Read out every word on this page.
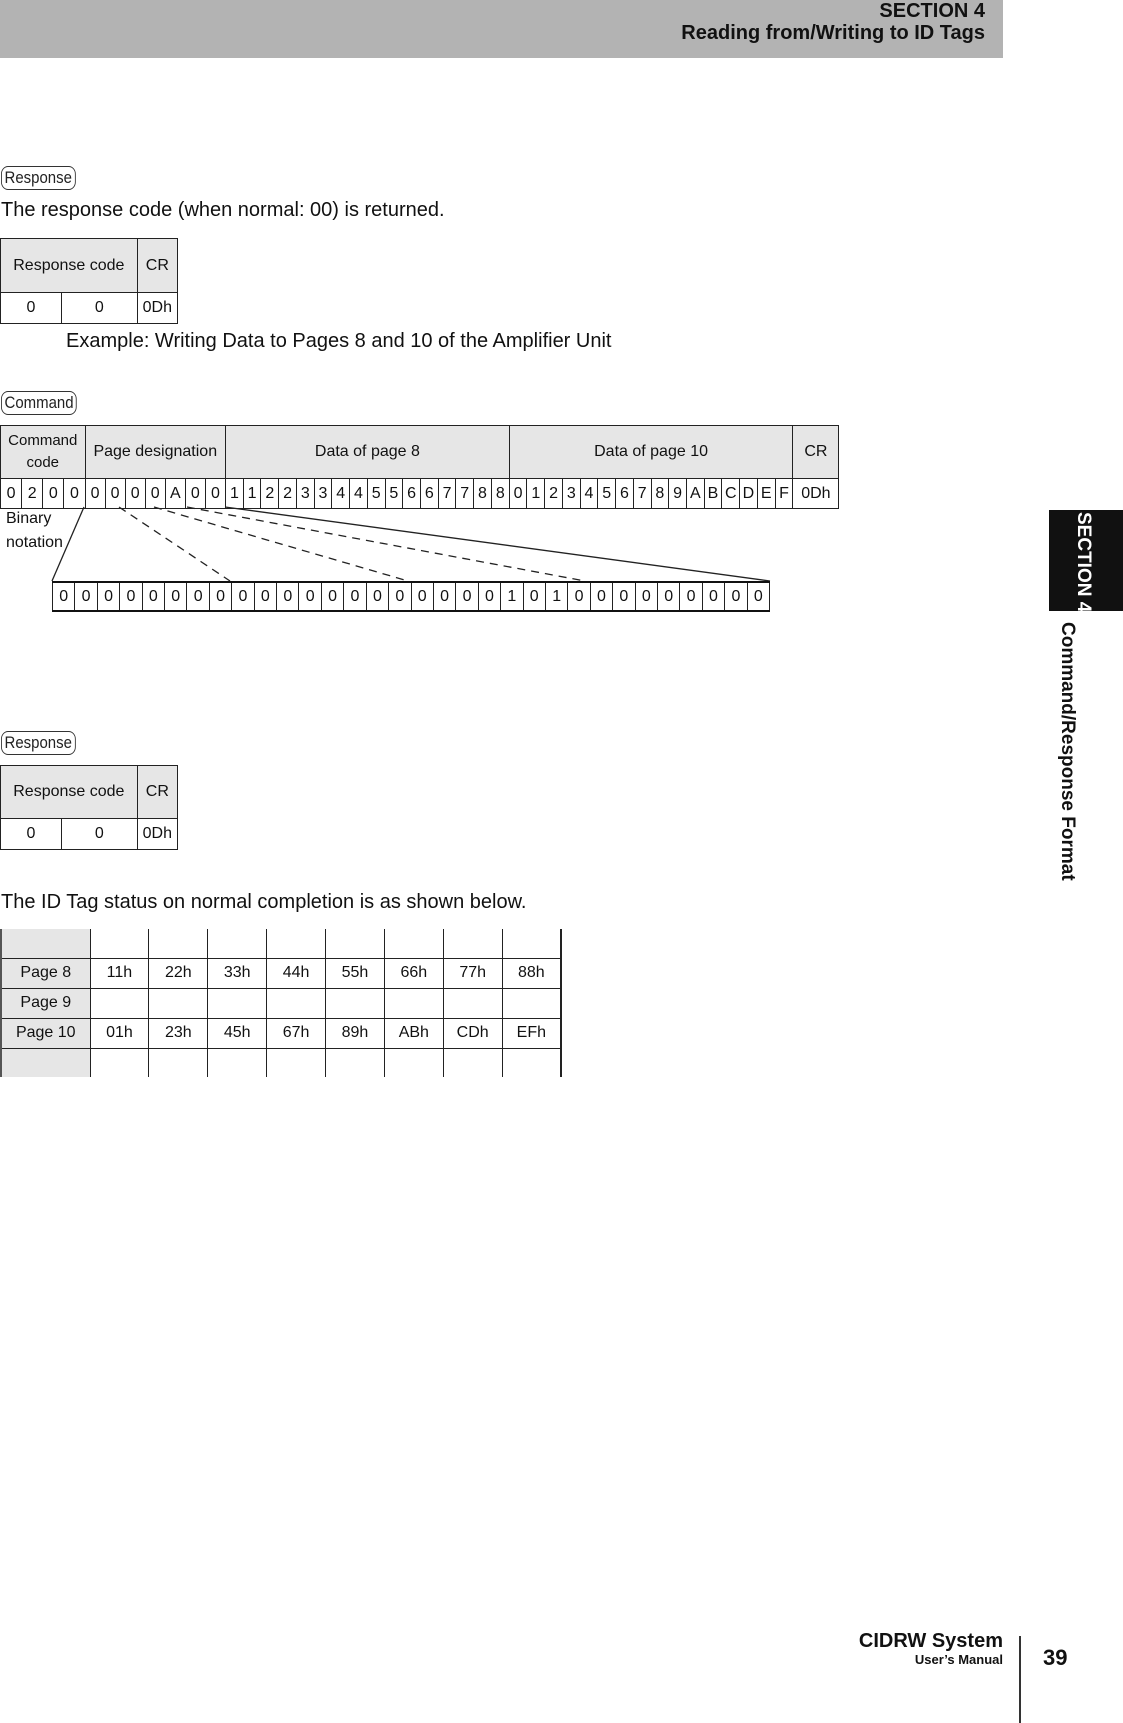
SECTION 4
Reading from/Writing to ID Tags
SECTION 4
Command/Response Format
Response
The response code (when normal: 00) is returned.
Response code		CR
0	0	0Dh
Example: Writing Data to Pages 8 and 10 of the Amplifier Unit
Command
Command code				Page designation							Data of page 8																Data of page 10																CR
0	2	0	0	0	0	0	0	A	0	0	1	1	2	2	3	3	4	4	5	5	6	6	7	7	8	8	0	1	2	3	4	5	6	7	8	9	A	B	C	D	E	F	0Dh
Binary
notation
0	0	0	0	0	0	0	0	0	0	0	0	0	0	0	0	0	0	0	0	1	0	1	0	0	0	0	0	0	0	0	0
Response
Response code		CR
0	0	0Dh
The ID Tag status on normal completion is as shown below.

Page 8	11h	22h	33h	44h	55h	66h	77h	88h
Page 9								
Page 10	01h	23h	45h	67h	89h	ABh	CDh	EFh

CIDRW System
User’s Manual 39
